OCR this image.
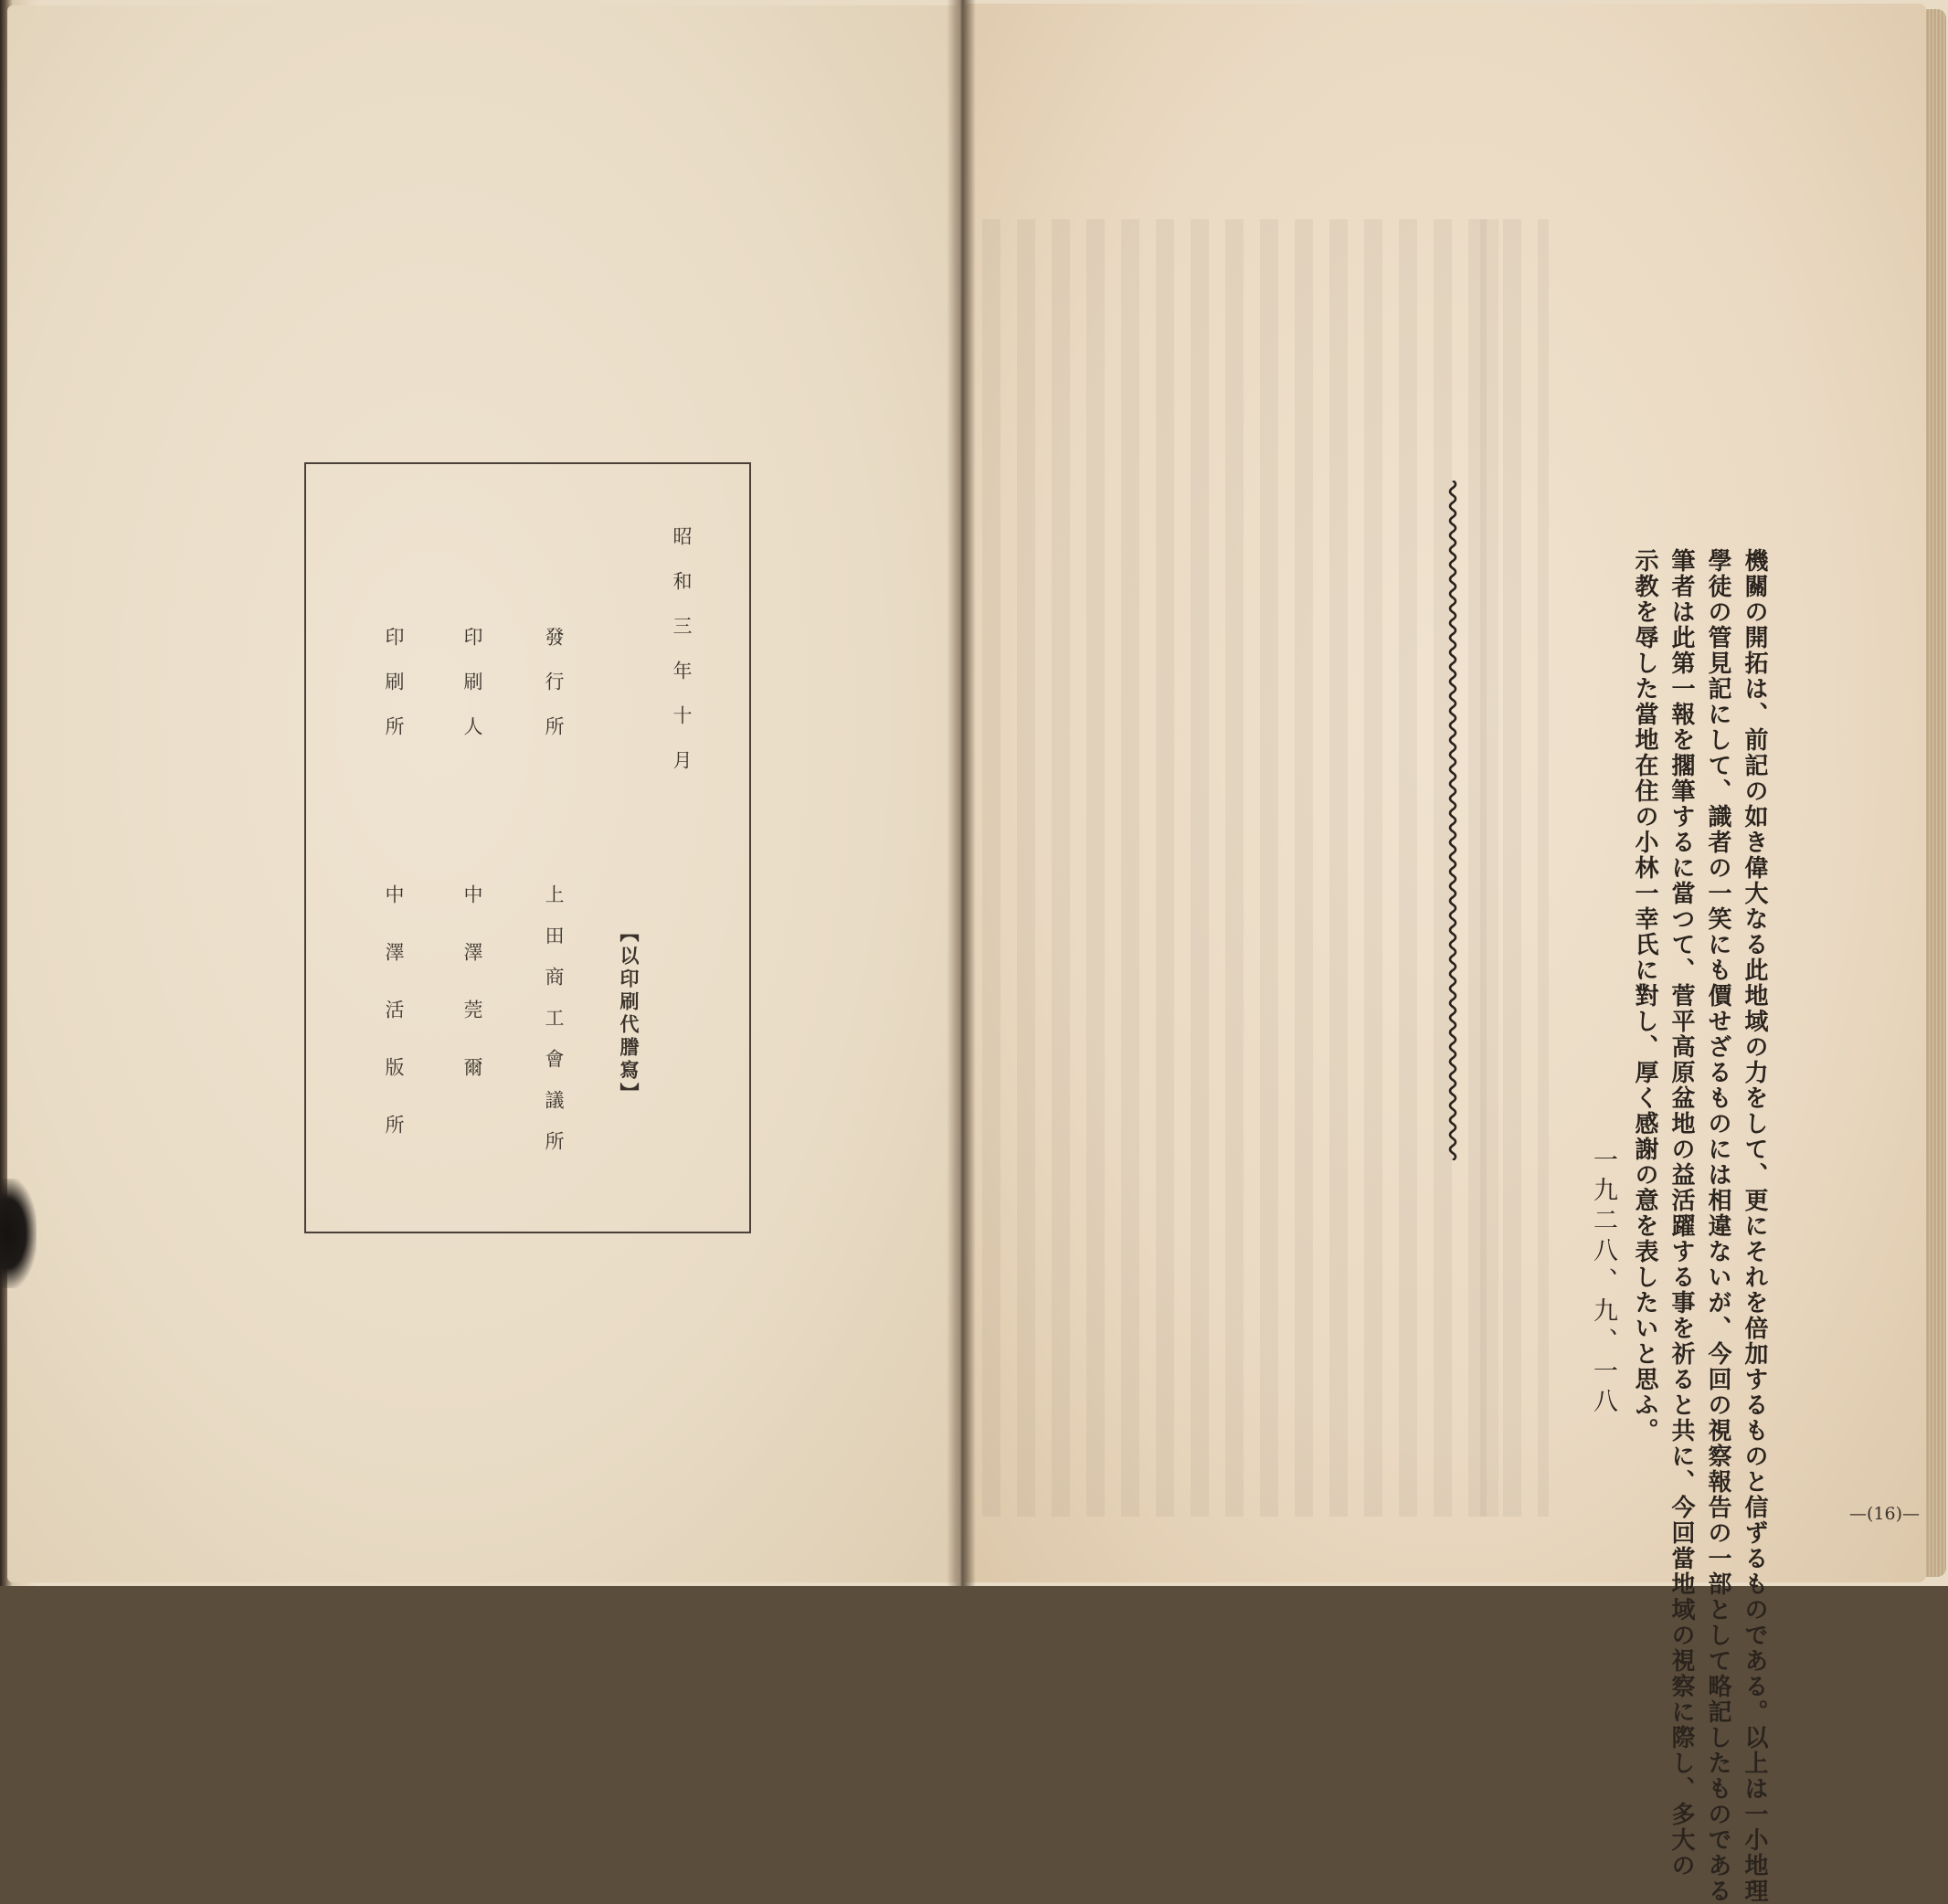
昭和三年十月
發行所
上田商工會議所	【以印刷代謄寫】
印刷人
中澤莞爾
印刷所
中澤活版所	機關の開拓は、前記の如き偉大なる此地域の力をして、更にそれを倍加するものと信ずるものである。以上は一小地理
學徒の管見記にして、識者の一笑にも價せざるものには相違ないが、今回の視察報告の一部として略記したものである
筆者は此第一報を擱筆するに當つて、菅平高原盆地の益活躍する事を祈ると共に、今回當地域の視察に際し、多大の
示教を辱した當地在住の小林一幸氏に對し、厚く感謝の意を表したいと思ふ。
一九二八、九、一八
—(16)—
